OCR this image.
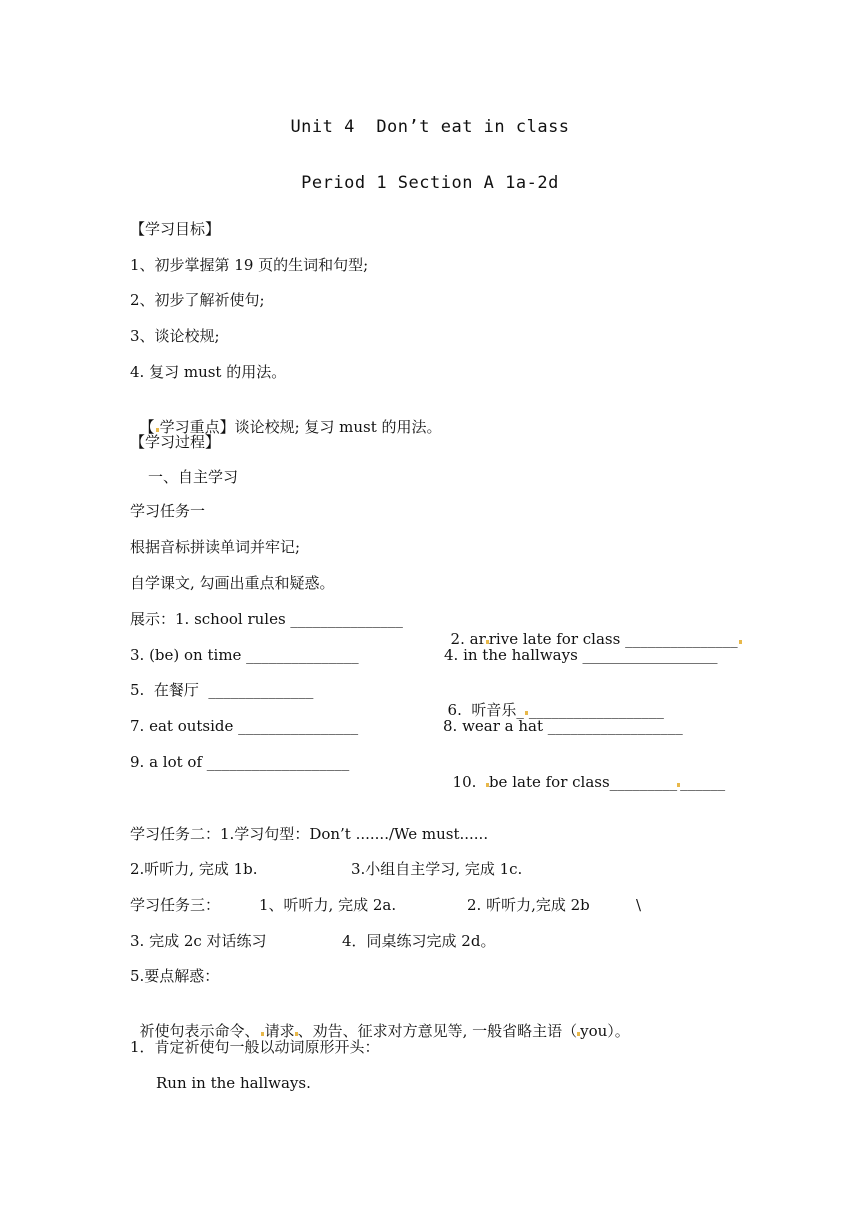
Unit 4  Don’t eat in class
Period 1 Section A 1a-2d
【学习目标】
1、初步掌握第 19 页的生词和句型;
2、初步了解祈使句;
3、谈论校规;
4. 复习 must 的用法。

【 学习重点】谈论校规; 复习 must 的用法。

【学习过程】
一、自主学习
学习任务一
根据音标拼读单词并牢记;
自学课文, 勾画出重点和疑惑。
展示：1. school rules _______________

2. ar rive late for class _______________

3. (be) on time _______________	4. in the hallways __________________
5.  在餐厅  ______________

6.  听音乐_ __________________

7. eat outside ________________	8. wear a hat __________________
9. a lot of ___________________

10.  be late for class_________ ______

学习任务二：1.学习句型：Don’t ......./We must......
2.听听力, 完成 1b.	3.小组自主学习, 完成 1c.
学习任务三：	1、听听力, 完成 2a.	2. 听听力,完成 2b	\
3. 完成 2c 对话练习	4．同桌练习完成 2d。
5.要点解惑：

祈使句表示命令、 请求 、劝告、征求对方意见等, 一般省略主语（ you）。

1．肯定祈使句一般以动词原形开头：
Run in the hallways.
